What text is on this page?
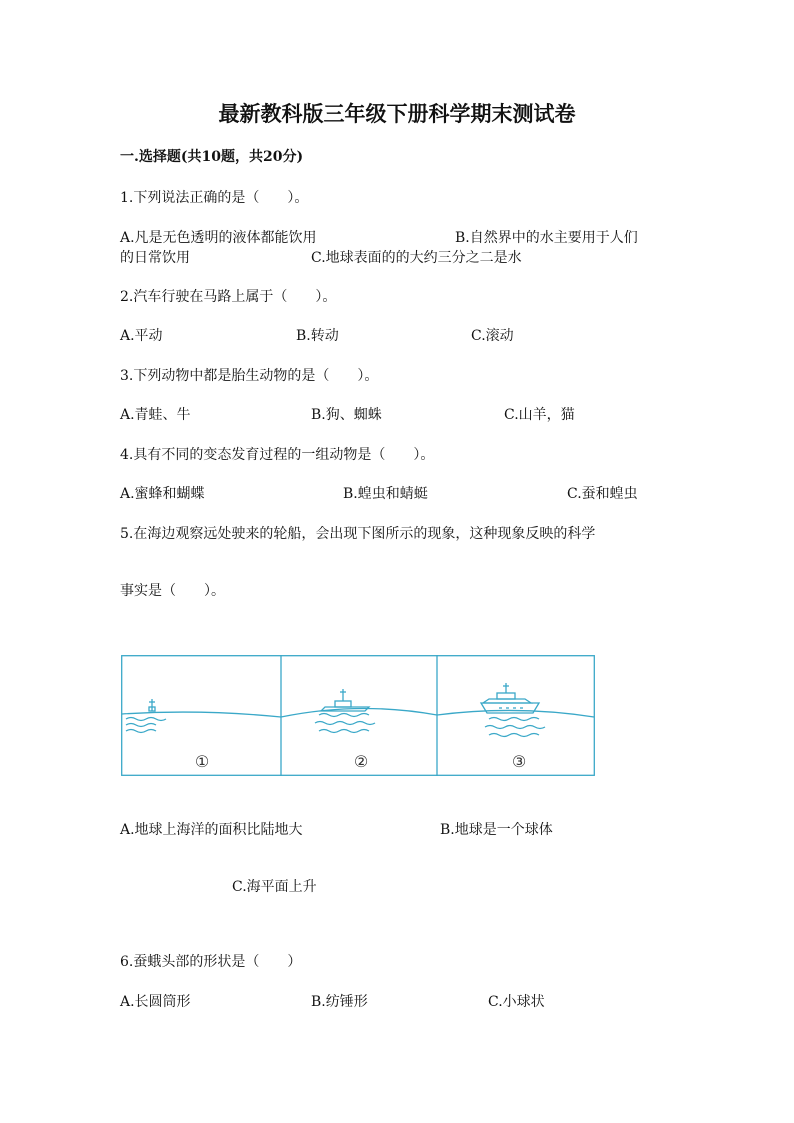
最新教科版三年级下册科学期末测试卷
一.选择题(共10题，共20分)
1.下列说法正确的是（　　）。
A.凡是无色透明的液体都能饮用	B.自然界中的水主要用于人们
的日常饮用	C.地球表面的的大约三分之二是水
2.汽车行驶在马路上属于（　　）。
A.平动	B.转动	C.滚动
3.下列动物中都是胎生动物的是（　　）。
A.青蛙、牛	B.狗、蜘蛛	C.山羊，猫
4.具有不同的变态发育过程的一组动物是（　　）。
A.蜜蜂和蝴蝶	B.蝗虫和蜻蜓	C.蚕和蝗虫
5.在海边观察远处驶来的轮船，会出现下图所示的现象，这种现象反映的科学
事实是（　　）。
①	②	③
A.地球上海洋的面积比陆地大	B.地球是一个球体
C.海平面上升
6.蚕蛾头部的形状是（　　）
A.长圆筒形	B.纺锤形	C.小球状
